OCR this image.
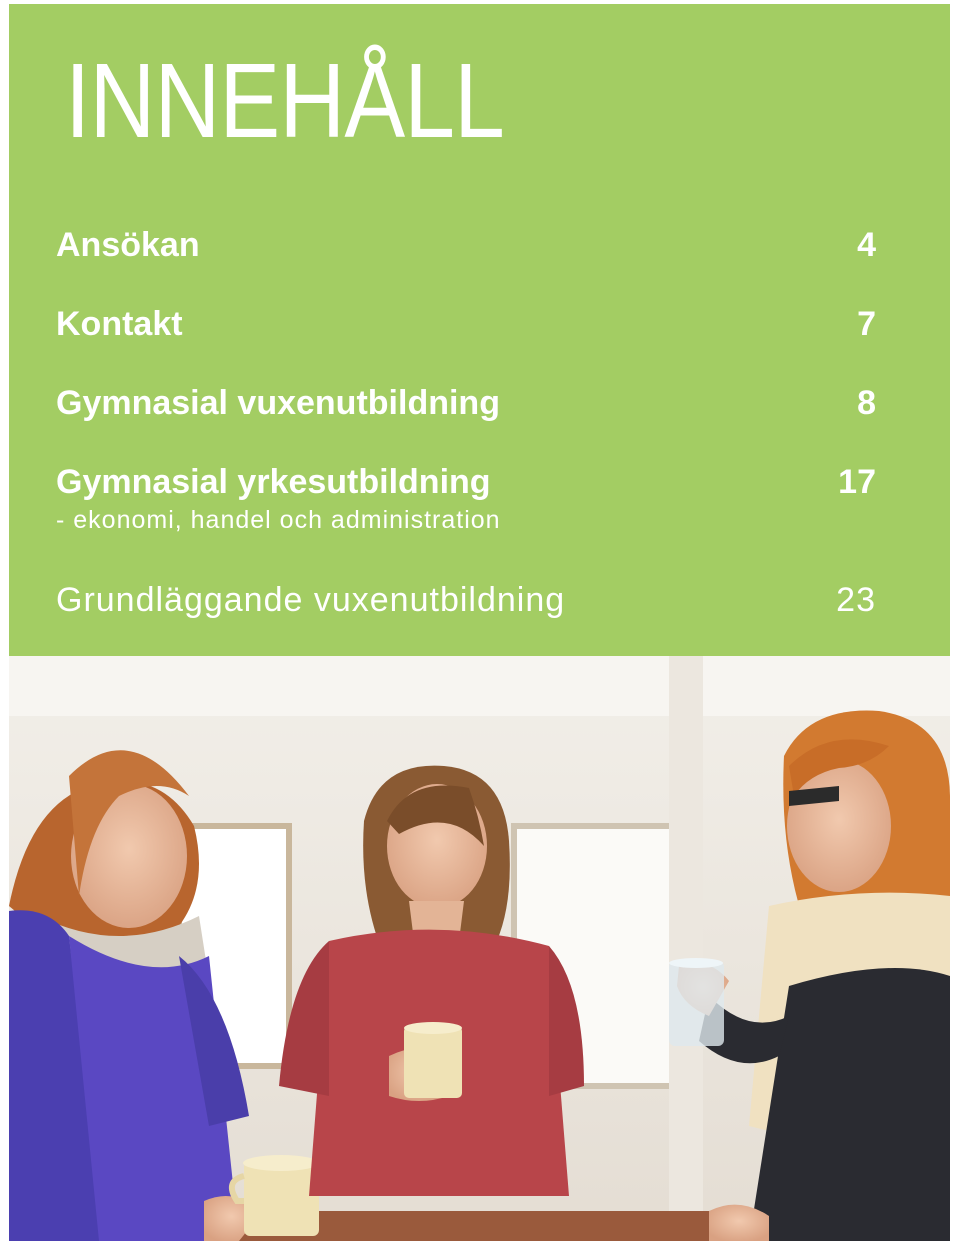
INNEHÅLL
Ansökan	4
Kontakt	7
Gymnasial vuxenutbildning	8
Gymnasial yrkesutbildning	17
- ekonomi, handel och administration
Grundläggande vuxenutbildning	23
